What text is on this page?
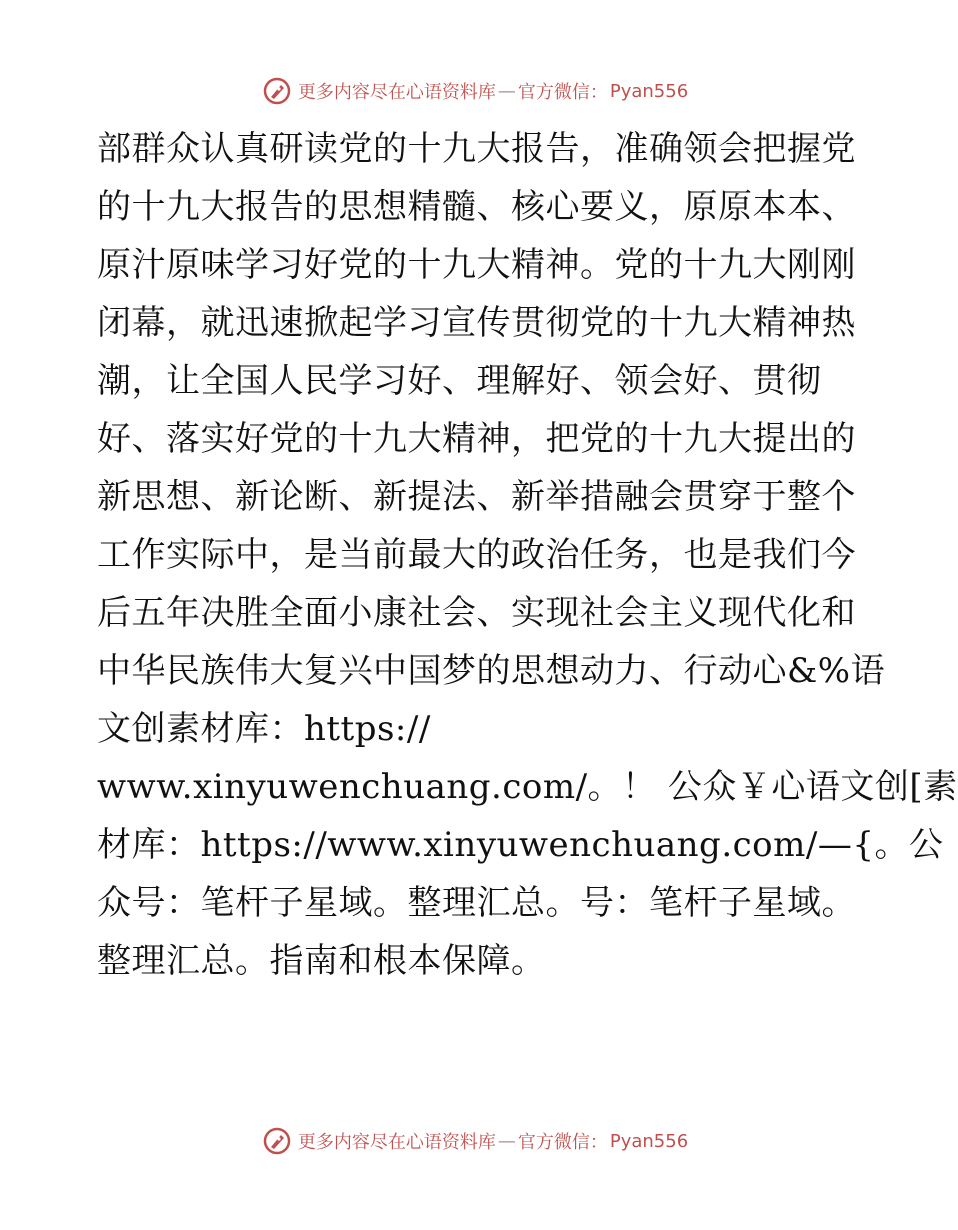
更多内容尽在心语资料库 — 官方微信： Pyan556
部群众认真研读党的十九大报告，准确领会把握党
的十九大报告的思想精髓、核心要义，原原本本、
原汁原味学习好党的十九大精神。党的十九大刚刚
闭幕，就迅速掀起学习宣传贯彻党的十九大精神热
潮，让全国人民学习好、理解好、领会好、贯彻
好、落实好党的十九大精神，把党的十九大提出的
新思想、新论断、新提法、新举措融会贯穿于整个
工作实际中，是当前最大的政治任务，也是我们今
后五年决胜全面小康社会、实现社会主义现代化和
中华民族伟大复兴中国梦的思想动力、行动心&%语
文创素材库：https://
www.xinyuwenchuang.com/。！ 公众￥心语文创[素
材库：https://www.xinyuwenchuang.com/—{。公
众号：笔杆子星域。整理汇总。号：笔杆子星域。
整理汇总。指南和根本保障。
更多内容尽在心语资料库 — 官方微信： Pyan556
